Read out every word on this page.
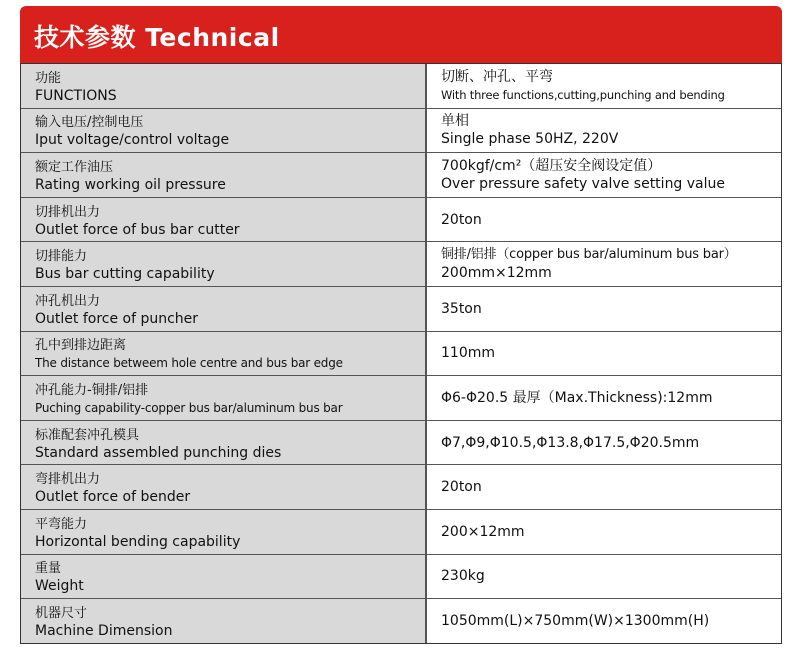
技术参数 Technical
功能
FUNCTIONS
切断、冲孔、平弯
With three functions,cutting,punching and bending
输入电压/控制电压
Iput voltage/control voltage
单相
Single phase 50HZ, 220V
额定工作油压
Rating working oil pressure
700kgf/cm²（超压安全阀设定值）
Over pressure safety valve setting value
切排机出力
Outlet force of bus bar cutter
20ton
切排能力
Bus bar cutting capability
铜排/铝排（copper bus bar/aluminum bus bar）
200mm×12mm
冲孔机出力
Outlet force of puncher
35ton
孔中到排边距离
The distance betweem hole centre and bus bar edge
110mm
冲孔能力-铜排/铝排
Puching capability-copper bus bar/aluminum bus bar
Φ6-Φ20.5 最厚（Max.Thickness):12mm
标准配套冲孔模具
Standard assembled punching dies
Φ7,Φ9,Φ10.5,Φ13.8,Φ17.5,Φ20.5mm
弯排机出力
Outlet force of bender
20ton
平弯能力
Horizontal bending capability
200×12mm
重量
Weight
230kg
机器尺寸
Machine Dimension
1050mm(L)×750mm(W)×1300mm(H)
